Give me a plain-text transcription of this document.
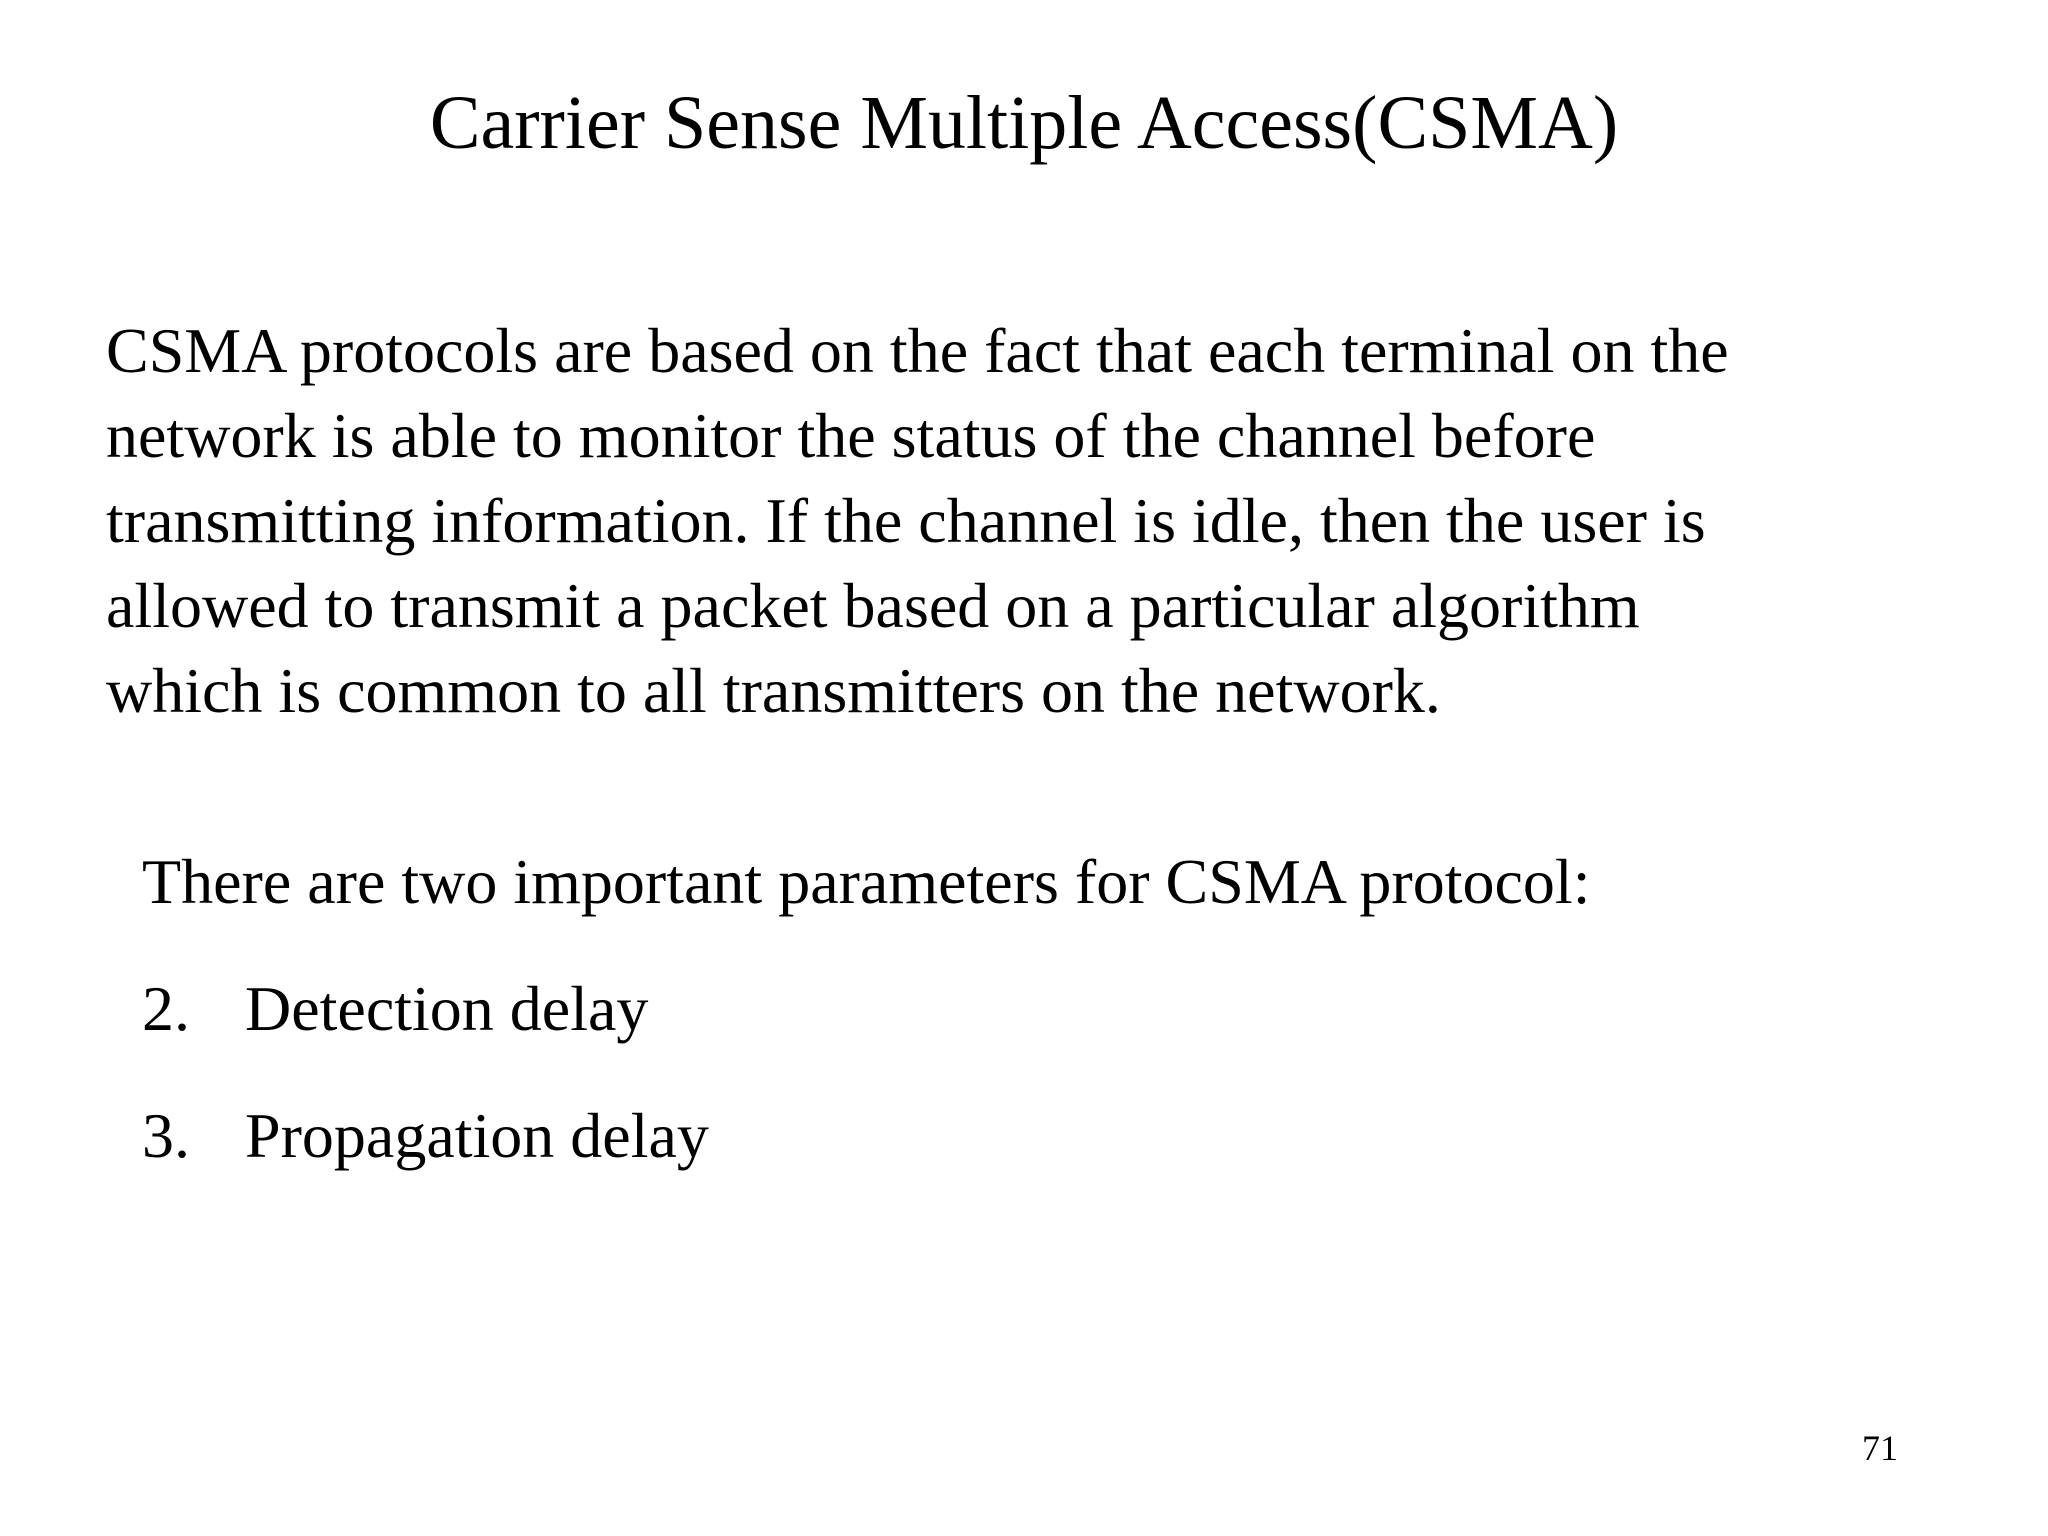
Carrier Sense Multiple Access(CSMA)

CSMA protocols are based on the fact that each terminal on the
network is able to monitor the status of the channel before
transmitting information. If the channel is idle, then the user is
allowed to transmit a packet based on a particular algorithm
which is common to all transmitters on the network.

There are two important parameters for CSMA protocol:
2. Detection delay
3. Propagation delay
71
